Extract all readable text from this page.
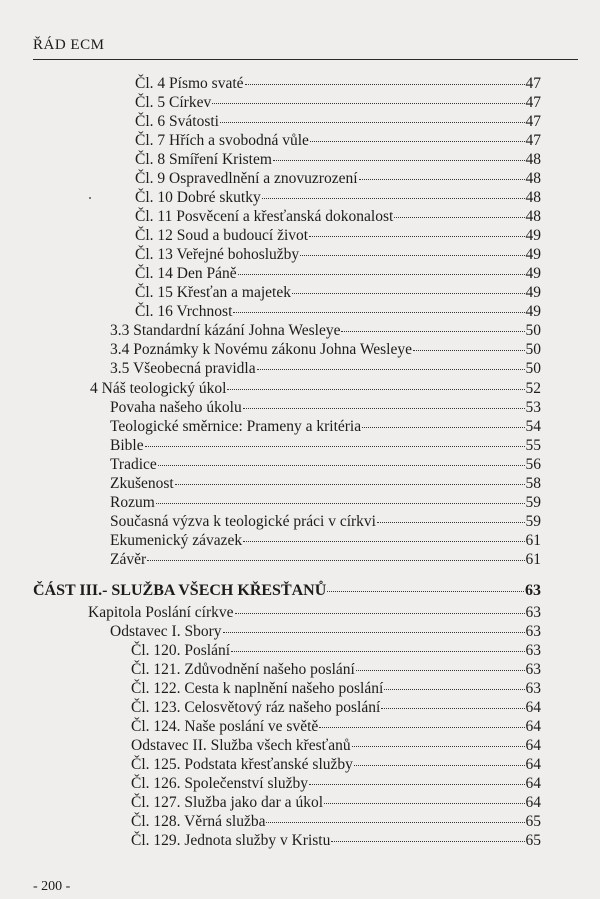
ŘÁD ECM
Čl. 4 Písmo svaté	47
Čl. 5 Církev	47
Čl. 6 Svátosti	47
Čl. 7 Hřích a svobodná vůle	47
Čl. 8 Smíření Kristem	48
Čl. 9 Ospravedlnění a znovuzrození	48
Čl. 10 Dobré skutky	48
Čl. 11 Posvěcení a křesťanská dokonalost	48
Čl. 12 Soud a budoucí život	49
Čl. 13 Veřejné bohoslužby	49
Čl. 14 Den Páně	49
Čl. 15 Křesťan a majetek	49
Čl. 16 Vrchnost	49
3.3 Standardní kázání Johna Wesleye	50
3.4 Poznámky k Novému zákonu Johna Wesleye	50
3.5 Všeobecná pravidla	50
4 Náš teologický úkol	52
Povaha našeho úkolu	53
Teologické směrnice: Prameny a kritéria	54
Bible	55
Tradice	56
Zkušenost	58
Rozum	59
Současná výzva k teologické práci v církvi	59
Ekumenický závazek	61
Závěr	61
ČÁST III.- SLUŽBA VŠECH KŘESŤANŮ	63
Kapitola Poslání církve	63
Odstavec I. Sbory	63
Čl. 120. Poslání	63
Čl. 121. Zdůvodnění našeho poslání	63
Čl. 122. Cesta k naplnění našeho poslání	63
Čl. 123. Celosvětový ráz našeho poslání	64
Čl. 124. Naše poslání ve světě	64
Odstavec II. Služba všech křesťanů	64
Čl. 125. Podstata křesťanské služby	64
Čl. 126. Společenství služby	64
Čl. 127. Služba jako dar a úkol	64
Čl. 128. Věrná služba	65
Čl. 129. Jednota služby v Kristu	65
- 200 -
